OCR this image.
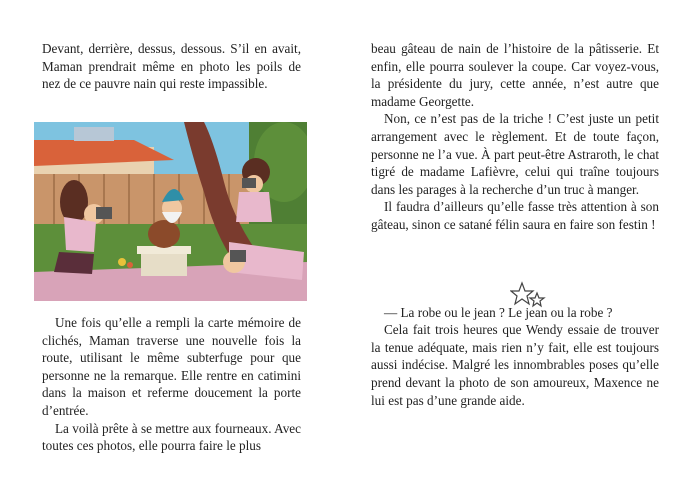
Devant, derrière, dessus, dessous. S’il en avait, Maman prendrait même en photo les poils de nez de ce pauvre nain qui reste impassible.

Une fois qu’elle a rempli la carte mémoire de clichés, Maman traverse une nouvelle fois la route, utilisant le même subterfuge pour que personne ne la remarque. Elle rentre en catimini dans la maison et referme doucement la porte d’entrée.

La voilà prête à se mettre aux fourneaux. Avec toutes ces photos, elle pourra faire le plus

beau gâteau de nain de l’histoire de la pâtisserie. Et enfin, elle pourra soulever la coupe. Car voyez-vous, la présidente du jury, cette année, n’est autre que madame Georgette.

Non, ce n’est pas de la triche ! C’est juste un petit arrangement avec le règlement. Et de toute façon, personne ne l’a vue. À part peut-être Astraroth, le chat tigré de madame Lafièvre, celui qui traîne toujours dans les parages à la recherche d’un truc à manger.

Il faudra d’ailleurs qu’elle fasse très attention à son gâteau, sinon ce satané félin saura en faire son festin !

— La robe ou le jean ? Le jean ou la robe ?

Cela fait trois heures que Wendy essaie de trouver la tenue adéquate, mais rien n’y fait, elle est toujours aussi indécise. Malgré les innombrables poses qu’elle prend devant la photo de son amoureux, Maxence ne lui est pas d’une grande aide.
